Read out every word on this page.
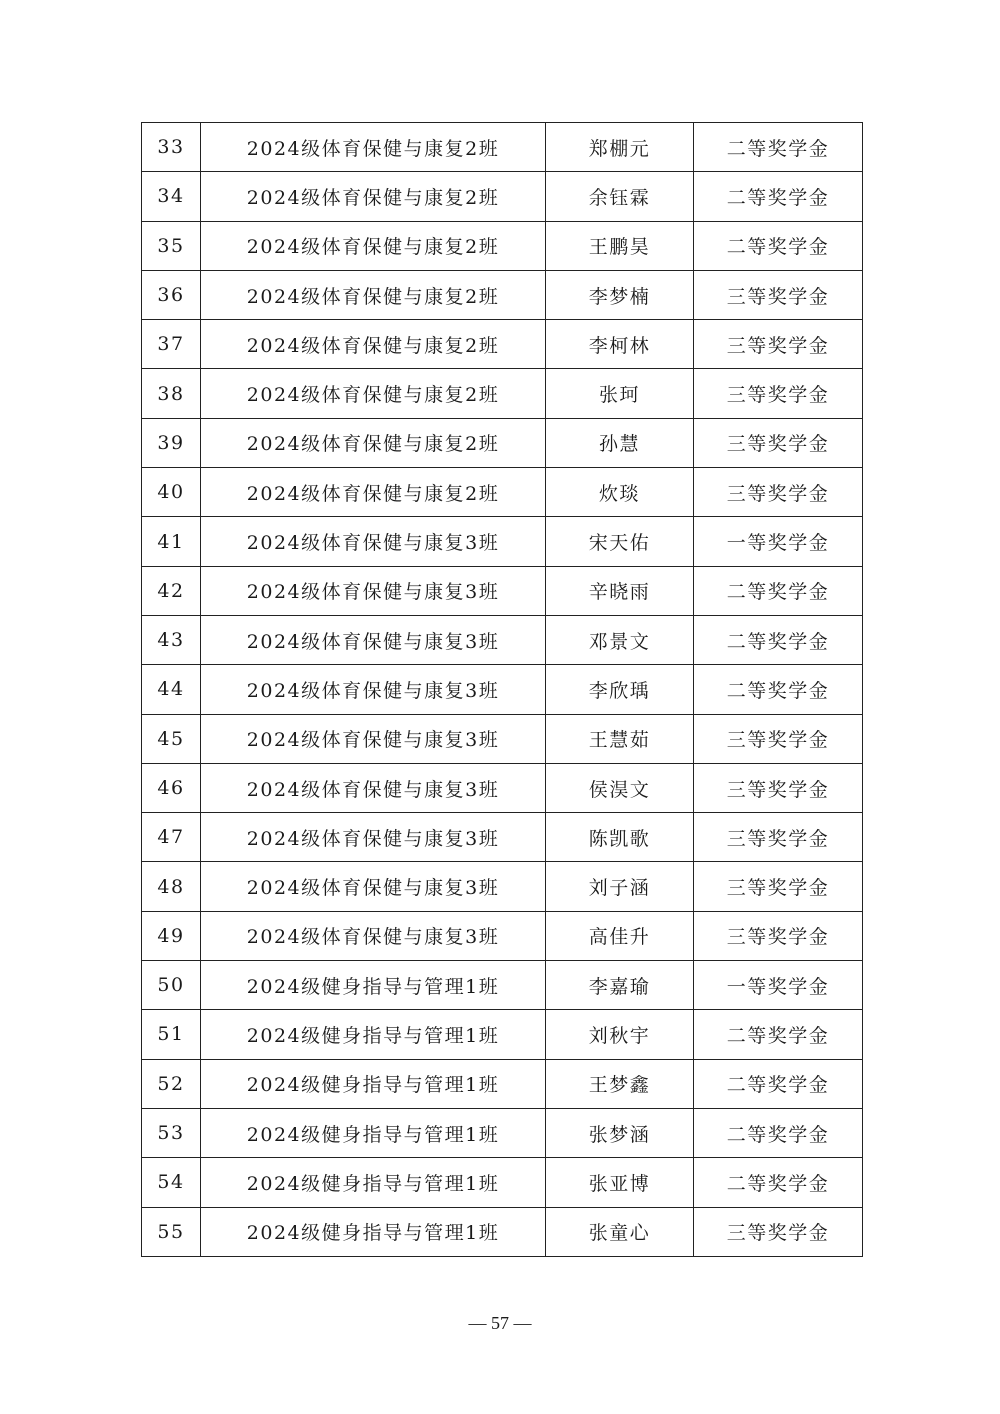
33	2024级体育保健与康复2班	郑棚元	二等奖学金
34	2024级体育保健与康复2班	余钰霖	二等奖学金
35	2024级体育保健与康复2班	王鹏昊	二等奖学金
36	2024级体育保健与康复2班	李梦楠	三等奖学金
37	2024级体育保健与康复2班	李柯林	三等奖学金
38	2024级体育保健与康复2班	张珂	三等奖学金
39	2024级体育保健与康复2班	孙慧	三等奖学金
40	2024级体育保健与康复2班	炊琰	三等奖学金
41	2024级体育保健与康复3班	宋天佑	一等奖学金
42	2024级体育保健与康复3班	辛晓雨	二等奖学金
43	2024级体育保健与康复3班	邓景文	二等奖学金
44	2024级体育保健与康复3班	李欣瑀	二等奖学金
45	2024级体育保健与康复3班	王慧茹	三等奖学金
46	2024级体育保健与康复3班	侯淏文	三等奖学金
47	2024级体育保健与康复3班	陈凯歌	三等奖学金
48	2024级体育保健与康复3班	刘子涵	三等奖学金
49	2024级体育保健与康复3班	高佳升	三等奖学金
50	2024级健身指导与管理1班	李嘉瑜	一等奖学金
51	2024级健身指导与管理1班	刘秋宇	二等奖学金
52	2024级健身指导与管理1班	王梦鑫	二等奖学金
53	2024级健身指导与管理1班	张梦涵	二等奖学金
54	2024级健身指导与管理1班	张亚博	二等奖学金
55	2024级健身指导与管理1班	张童心	三等奖学金
— 57 —
